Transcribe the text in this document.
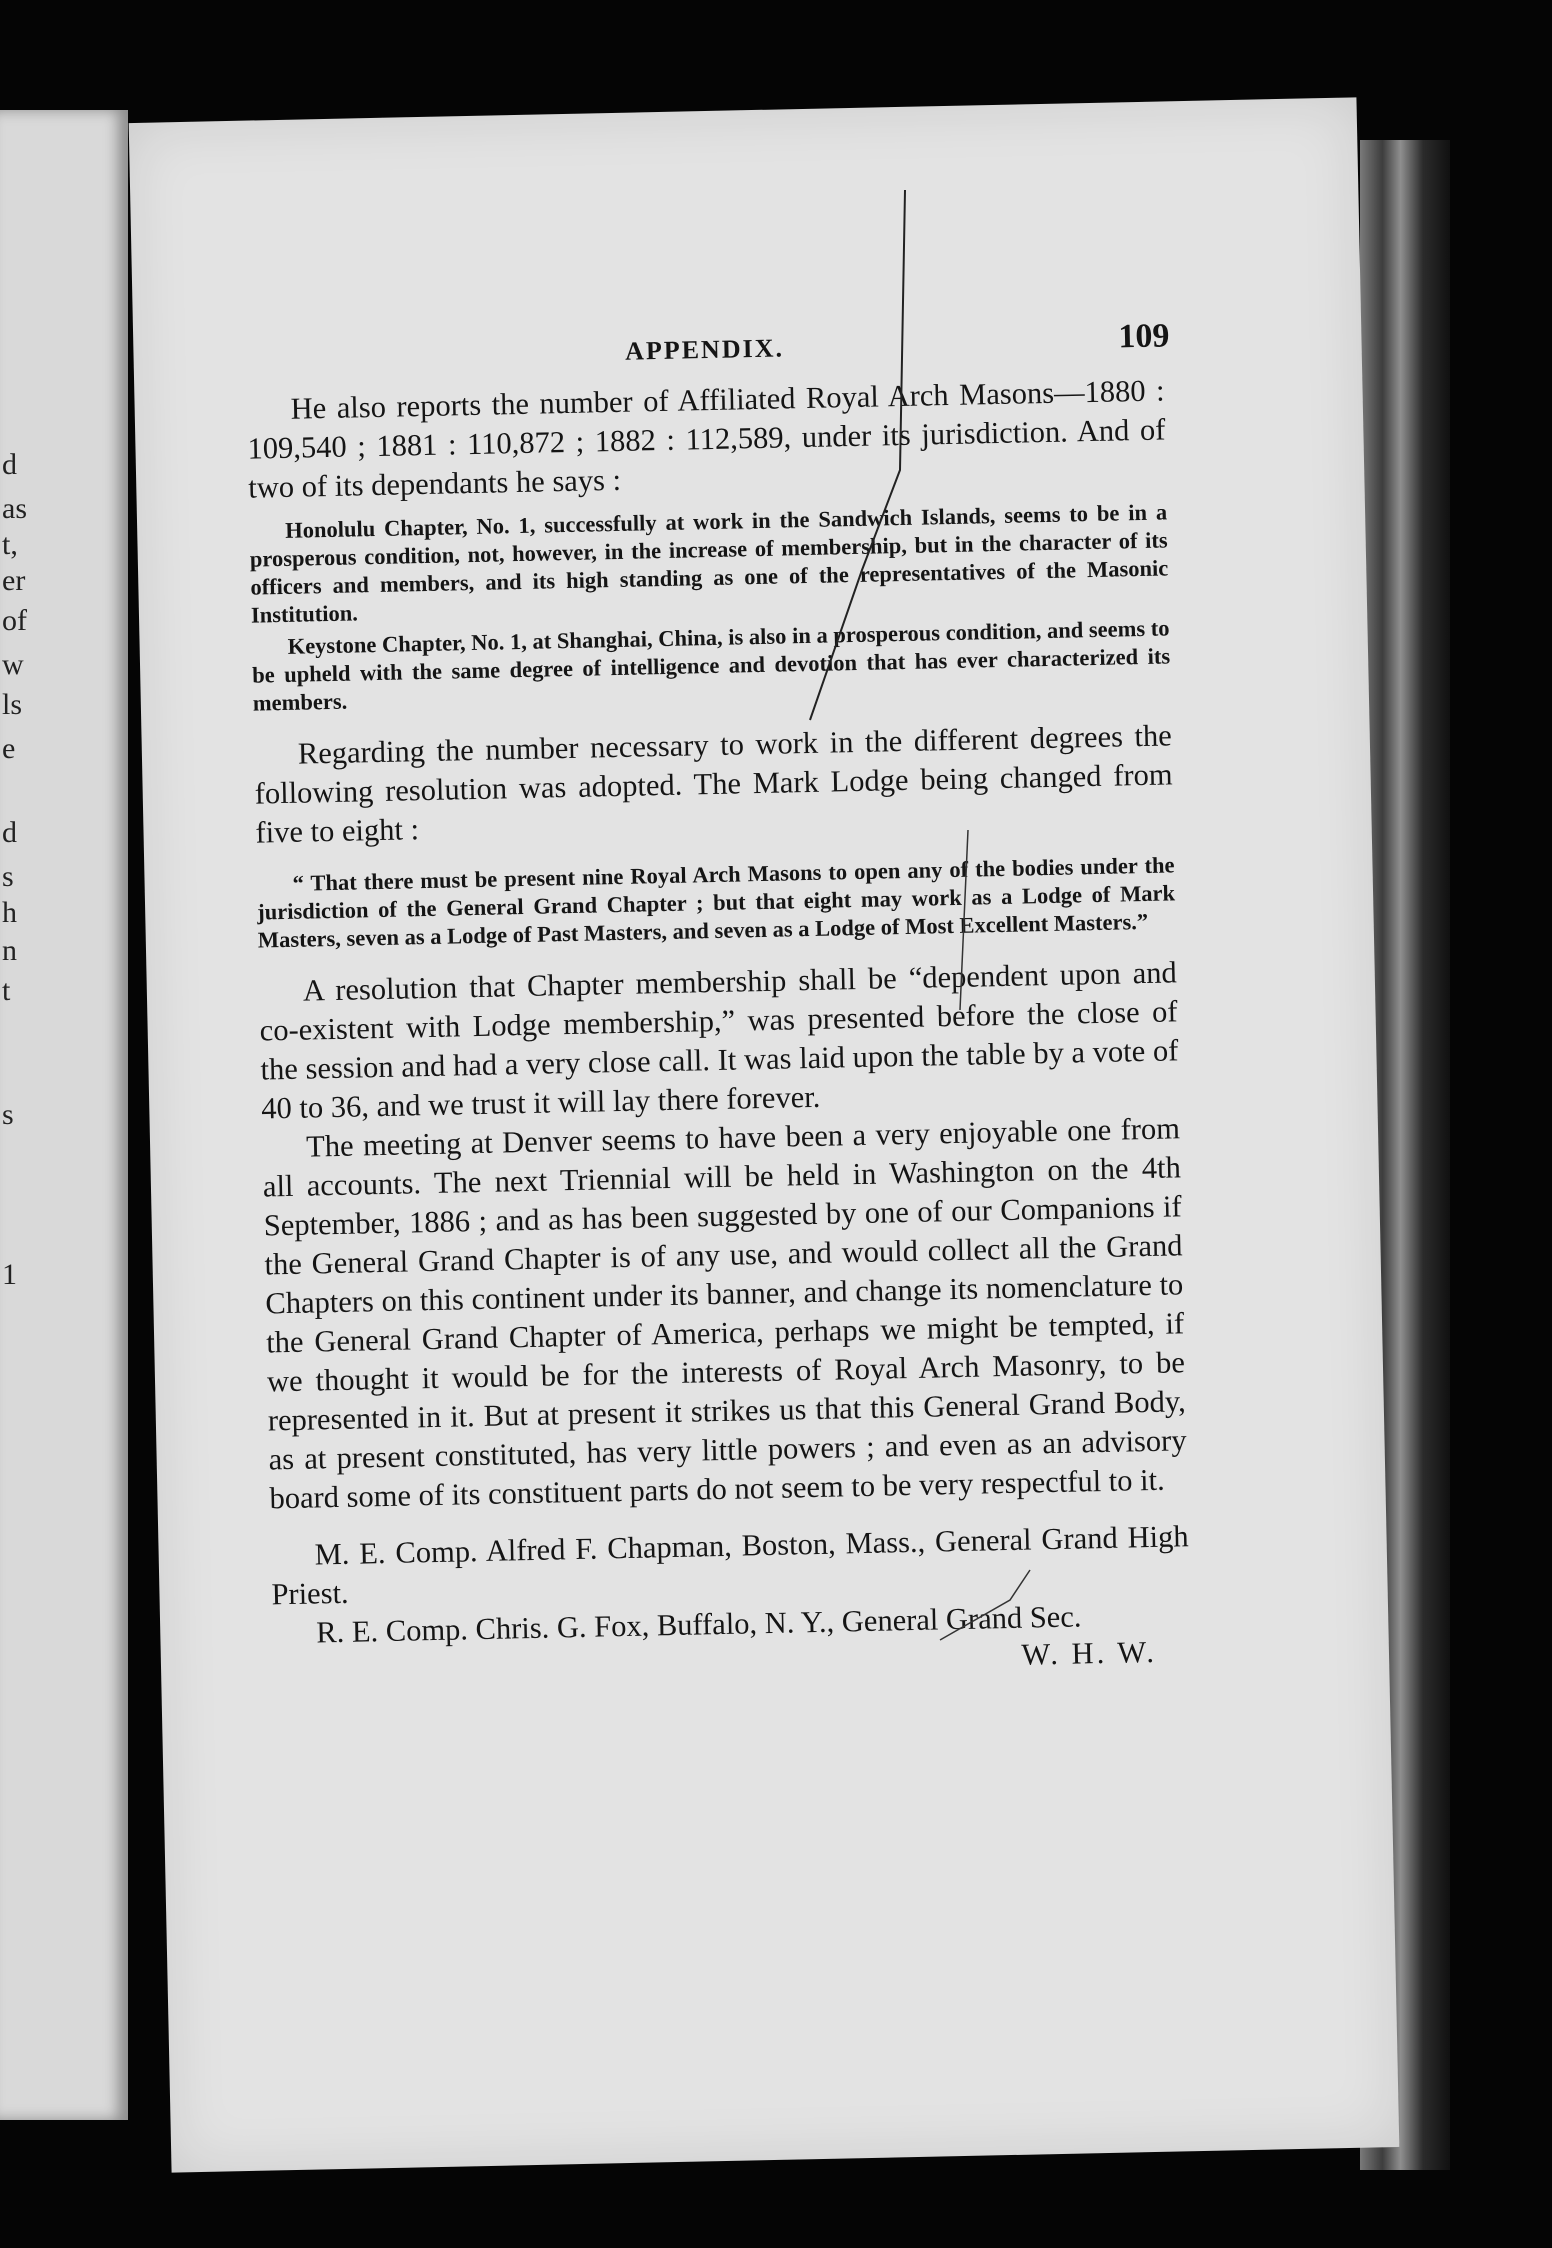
d
as
t,
er
of
w
ls
e
d
s
h
n
t
s
1
APPENDIX.	109

He also reports the number of Affiliated Royal Arch Masons—1880 : 109,540 ; 1881 : 110,872 ; 1882 : 112,589, under its jurisdiction. And of two of its dependants he says :

Honolulu Chapter, No. 1, successfully at work in the Sandwich Islands, seems to be in a prosperous condition, not, however, in the increase of membership, but in the character of its officers and members, and its high standing as one of the representatives of the Masonic Institution.

Keystone Chapter, No. 1, at Shanghai, China, is also in a prosperous condition, and seems to be upheld with the same degree of intelligence and devotion that has ever characterized its members.

Regarding the number necessary to work in the different degrees the following resolution was adopted. The Mark Lodge being changed from five to eight :

“ That there must be present nine Royal Arch Masons to open any of the bodies under the jurisdiction of the General Grand Chapter ; but that eight may work as a Lodge of Mark Masters, seven as a Lodge of Past Masters, and seven as a Lodge of Most Excellent Masters.”

A resolution that Chapter membership shall be “dependent upon and co-existent with Lodge membership,” was presented before the close of the session and had a very close call. It was laid upon the table by a vote of 40 to 36, and we trust it will lay there forever.

The meeting at Denver seems to have been a very enjoyable one from all accounts. The next Triennial will be held in Washington on the 4th September, 1886 ; and as has been suggested by one of our Companions if the General Grand Chapter is of any use, and would collect all the Grand Chapters on this continent under its banner, and change its nomenclature to the General Grand Chapter of America, perhaps we might be tempted, if we thought it would be for the interests of Royal Arch Masonry, to be represented in it. But at present it strikes us that this General Grand Body, as at present constituted, has very little powers ; and even as an advisory board some of its constituent parts do not seem to be very respectful to it.

M. E. Comp. Alfred F. Chapman, Boston, Mass., General Grand High Priest.

R. E. Comp. Chris. G. Fox, Buffalo, N. Y., General Grand Sec.

W. H. W.
